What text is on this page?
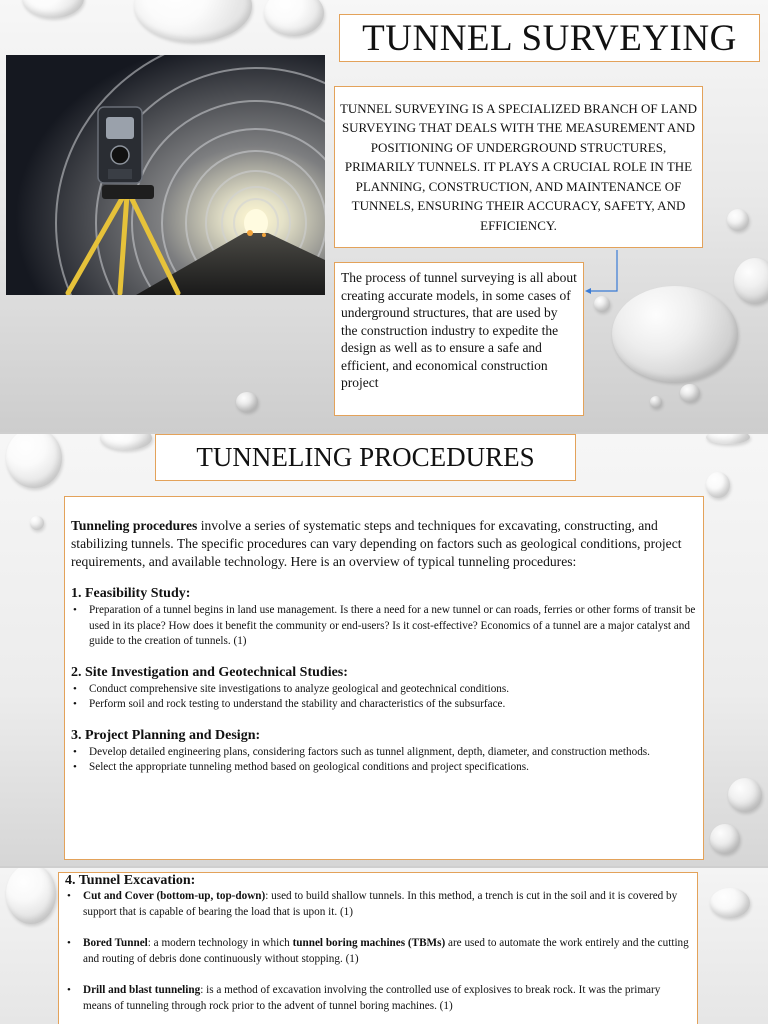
TUNNEL SURVEYING
TUNNEL SURVEYING IS A SPECIALIZED BRANCH OF LAND SURVEYING THAT DEALS WITH THE MEASUREMENT AND POSITIONING OF UNDERGROUND STRUCTURES, PRIMARILY TUNNELS. IT PLAYS A CRUCIAL ROLE IN THE PLANNING, CONSTRUCTION, AND MAINTENANCE OF TUNNELS, ENSURING THEIR ACCURACY, SAFETY, AND EFFICIENCY.
The process of tunnel surveying is all about creating accurate models, in some cases of underground structures, that are used by the construction industry to expedite the design as well as to ensure a safe and efficient, and economical construction project
TUNNELING PROCEDURES

Tunneling procedures involve a series of systematic steps and techniques for excavating, constructing, and stabilizing tunnels. The specific procedures can vary depending on factors such as geological conditions, project requirements, and available technology. Here is an overview of typical tunneling procedures:

1. Feasibility Study:

• Preparation of a tunnel begins in land use management. Is there a need for a new tunnel or can roads, ferries or other forms of transit be used in its place? How does it benefit the community or end-users? Is it cost-effective? Economics of a tunnel are a major catalyst and guide to the creation of tunnels. (1)

2. Site Investigation and Geotechnical Studies:

• Conduct comprehensive site investigations to analyze geological and geotechnical conditions.
• Perform soil and rock testing to understand the stability and characteristics of the subsurface.

3. Project Planning and Design:

• Develop detailed engineering plans, considering factors such as tunnel alignment, depth, diameter, and construction methods.
• Select the appropriate tunneling method based on geological conditions and project specifications.

4. Tunnel Excavation:

• Cut and Cover (bottom-up, top-down): used to build shallow tunnels. In this method, a trench is cut in the soil and it is covered by support that is capable of bearing the load that is upon it. (1)
• Bored Tunnel: a modern technology in which tunnel boring machines (TBMs) are used to automate the work entirely and the cutting and routing of debris done continuously without stopping. (1)
• Drill and blast tunneling: is a method of excavation involving the controlled use of explosives to break rock. It was the primary means of tunneling through rock prior to the advent of tunnel boring machines. (1)
